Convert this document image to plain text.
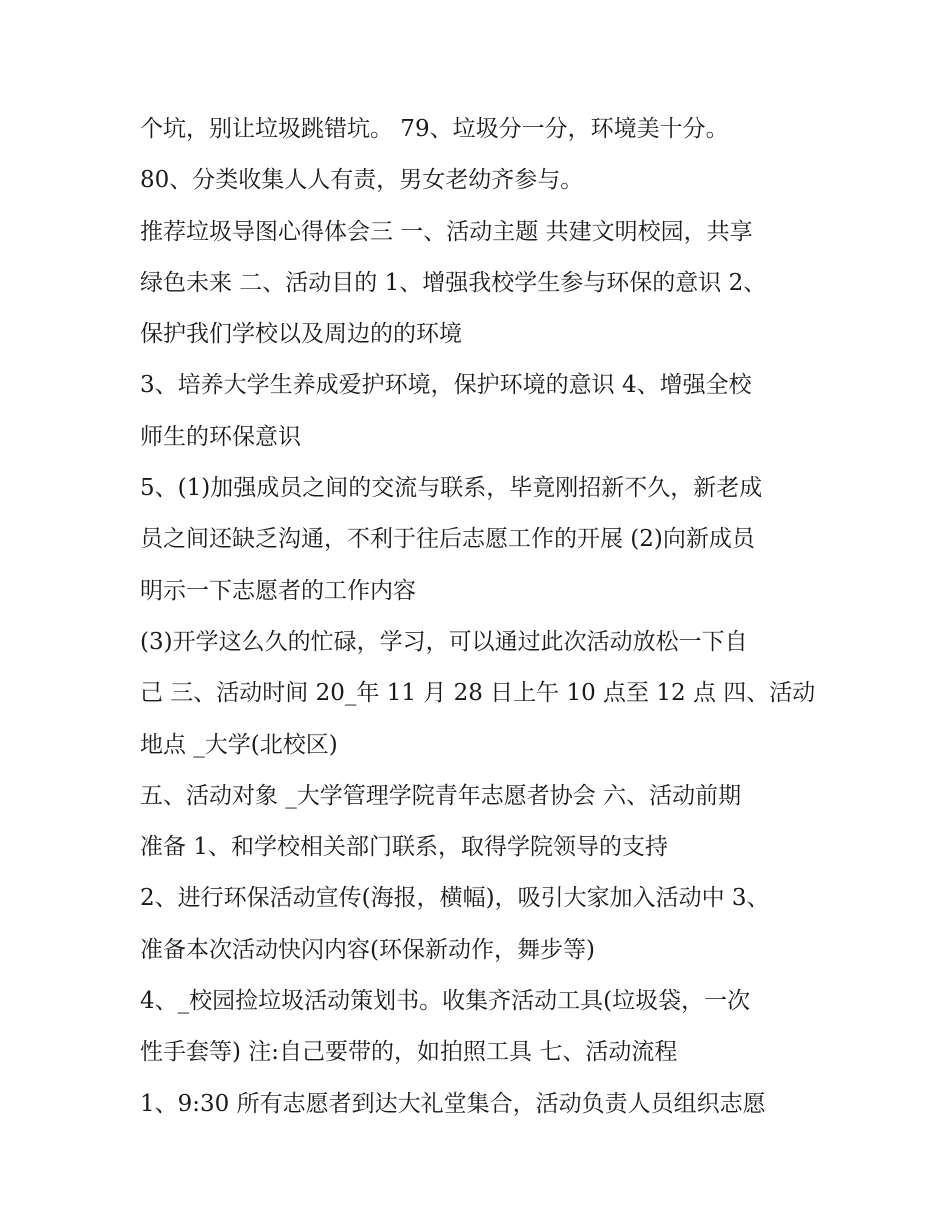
个坑，别让垃圾跳错坑。 79、垃圾分一分，环境美十分。
80、分类收集人人有责，男女老幼齐参与。
推荐垃圾导图心得体会三 一、活动主题 共建文明校园，共享
绿色未来 二、活动目的 1、增强我校学生参与环保的意识 2、
保护我们学校以及周边的的环境
3、培养大学生养成爱护环境，保护环境的意识 4、增强全校
师生的环保意识
5、(1)加强成员之间的交流与联系，毕竟刚招新不久，新老成
员之间还缺乏沟通，不利于往后志愿工作的开展 (2)向新成员
明示一下志愿者的工作内容
(3)开学这么久的忙碌，学习，可以通过此次活动放松一下自
己 三、活动时间 20_年 11 月 28 日上午 10 点至 12 点 四、活动
地点 _大学(北校区)
五、活动对象 _大学管理学院青年志愿者协会 六、活动前期
准备 1、和学校相关部门联系，取得学院领导的支持
2、进行环保活动宣传(海报，横幅)，吸引大家加入活动中 3、
准备本次活动快闪内容(环保新动作，舞步等)
4、_校园捡垃圾活动策划书。收集齐活动工具(垃圾袋，一次
性手套等) 注:自己要带的，如拍照工具 七、活动流程
1、9:30 所有志愿者到达大礼堂集合，活动负责人员组织志愿
